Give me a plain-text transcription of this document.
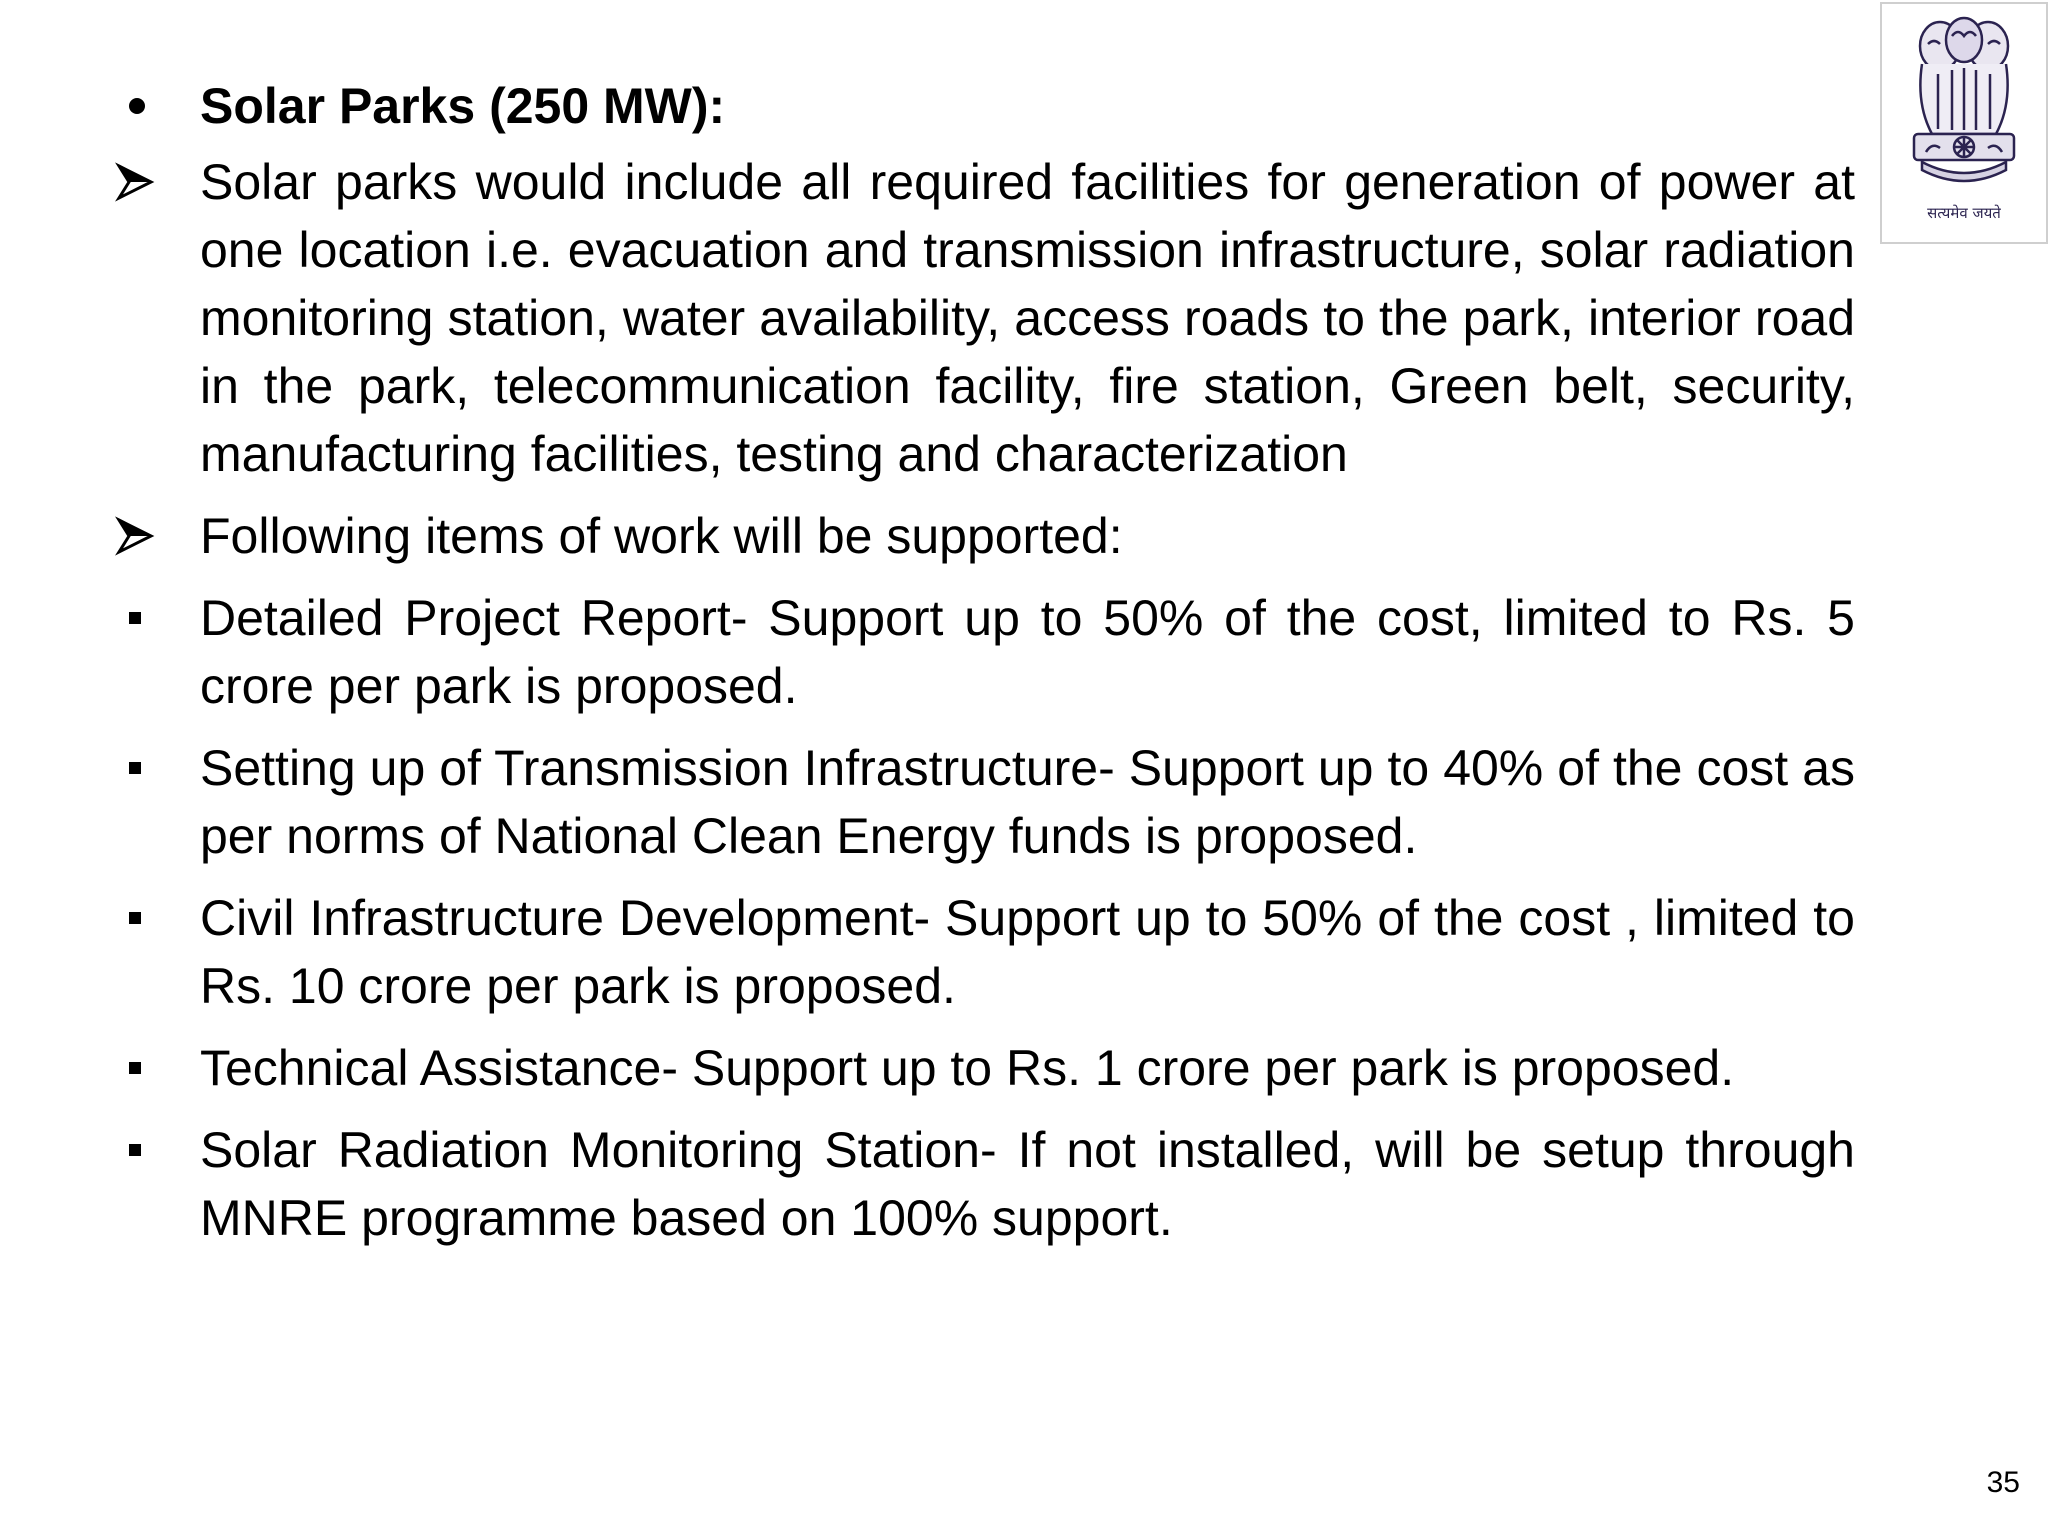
Solar Parks (250 MW):
Solar parks would include all required facilities for generation of power at one location i.e. evacuation and transmission infrastructure, solar radiation monitoring station, water availability, access roads to the park, interior road in the park, telecommunication facility, fire station, Green belt, security, manufacturing facilities, testing and characterization
Following items of work will be supported:
Detailed Project Report- Support up to 50% of the cost, limited to Rs. 5 crore per park is proposed.
Setting up of Transmission Infrastructure- Support up to 40% of the cost as per norms of National Clean Energy funds is proposed.
Civil Infrastructure Development- Support up to 50% of the cost , limited to Rs. 10 crore per park is proposed.
Technical Assistance- Support up to Rs. 1 crore per park is proposed.
Solar Radiation Monitoring Station- If not installed, will be setup through MNRE programme based on 100% support.
सत्यमेव जयते
35
